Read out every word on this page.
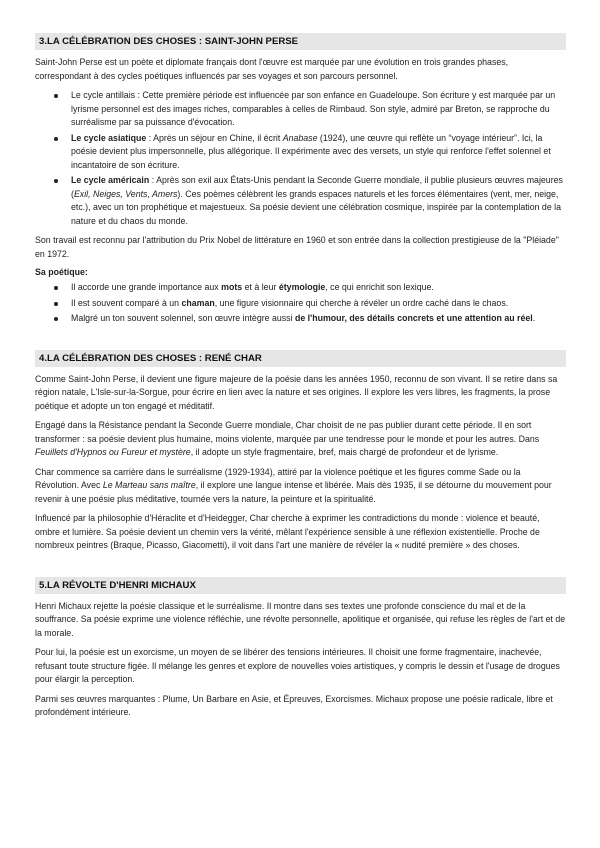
3.LA CÉLÉBRATION DES CHOSES : SAINT-JOHN PERSE

Saint-John Perse est un poète et diplomate français dont l'œuvre est marquée par une évolution en trois grandes phases, correspondant à des cycles poétiques influencés par ses voyages et son parcours personnel.

Le cycle antillais : Cette première période est influencée par son enfance en Guadeloupe. Son écriture y est marquée par un lyrisme personnel est des images riches, comparables à celles de Rimbaud. Son style, admiré par Breton, se rapproche du surréalisme par sa puissance d'évocation.
Le cycle asiatique : Après un séjour en Chine, il écrit Anabase (1924), une œuvre qui reflète un “voyage intérieur”. Ici, la poésie devient plus impersonnelle, plus allégorique. Il expérimente avec des versets, un style qui renforce l'effet solennel et incantatoire de son écriture.
Le cycle américain : Après son exil aux États-Unis pendant la Seconde Guerre mondiale, il publie plusieurs œuvres majeures (Exil, Neiges, Vents, Amers). Ces poèmes célèbrent les grands espaces naturels et les forces élémentaires (vent, mer, neige, etc.), avec un ton prophétique et majestueux. Sa poésie devient une célébration cosmique, inspirée par la contemplation de la nature et du chaos du monde.

Son travail est reconnu par l'attribution du Prix Nobel de littérature en 1960 et son entrée dans la collection prestigieuse de la "Pléiade" en 1972.

Sa poétique:
Il accorde une grande importance aux mots et à leur étymologie, ce qui enrichit son lexique.
Il est souvent comparé à un chaman, une figure visionnaire qui cherche à révéler un ordre caché dans le chaos.
Malgré un ton souvent solennel, son œuvre intègre aussi de l'humour, des détails concrets et une attention au réel.
4.LA CÉLÉBRATION DES CHOSES : RENÉ CHAR

Comme Saint-John Perse, il devient une figure majeure de la poésie dans les années 1950, reconnu de son vivant. Il se retire dans sa région natale, L'Isle-sur-la-Sorgue, pour écrire en lien avec la nature et ses origines. Il explore les vers libres, les fragments, la prose poétique et adopte un ton engagé et méditatif.

Engagé dans la Résistance pendant la Seconde Guerre mondiale, Char choisit de ne pas publier durant cette période. Il en sort transformer : sa poésie devient plus humaine, moins violente, marquée par une tendresse pour le monde et pour les autres. Dans Feuillets d'Hypnos ou Fureur et mystère, il adopte un style fragmentaire, bref, mais chargé de profondeur et de lyrisme.

Char commence sa carrière dans le surréalisme (1929-1934), attiré par la violence poétique et les figures comme Sade ou la Révolution. Avec Le Marteau sans maître, il explore une langue intense et libérée. Mais dès 1935, il se détourne du mouvement pour revenir à une poésie plus méditative, tournée vers la nature, la peinture et la spiritualité.

Influencé par la philosophie d'Héraclite et d'Heidegger, Char cherche à exprimer les contradictions du monde : violence et beauté, ombre et lumière. Sa poésie devient un chemin vers la vérité, mêlant l'expérience sensible à une réflexion existentielle. Proche de nombreux peintres (Braque, Picasso, Giacometti), il voit dans l'art une manière de révéler la « nudité première » des choses.

5.LA RÉVOLTE D'HENRI MICHAUX

Henri Michaux rejette la poésie classique et le surréalisme. Il montre dans ses textes une profonde conscience du mal et de la souffrance. Sa poésie exprime une violence réfléchie, une révolte personnelle, apolitique et organisée, qui refuse les règles de l'art et de la morale.

Pour lui, la poésie est un exorcisme, un moyen de se libérer des tensions intérieures. Il choisit une forme fragmentaire, inachevée, refusant toute structure figée. Il mélange les genres et explore de nouvelles voies artistiques, y compris le dessin et l'usage de drogues pour élargir la perception.

Parmi ses œuvres marquantes : Plume, Un Barbare en Asie, et Épreuves, Exorcismes. Michaux propose une poésie radicale, libre et profondément intérieure.
